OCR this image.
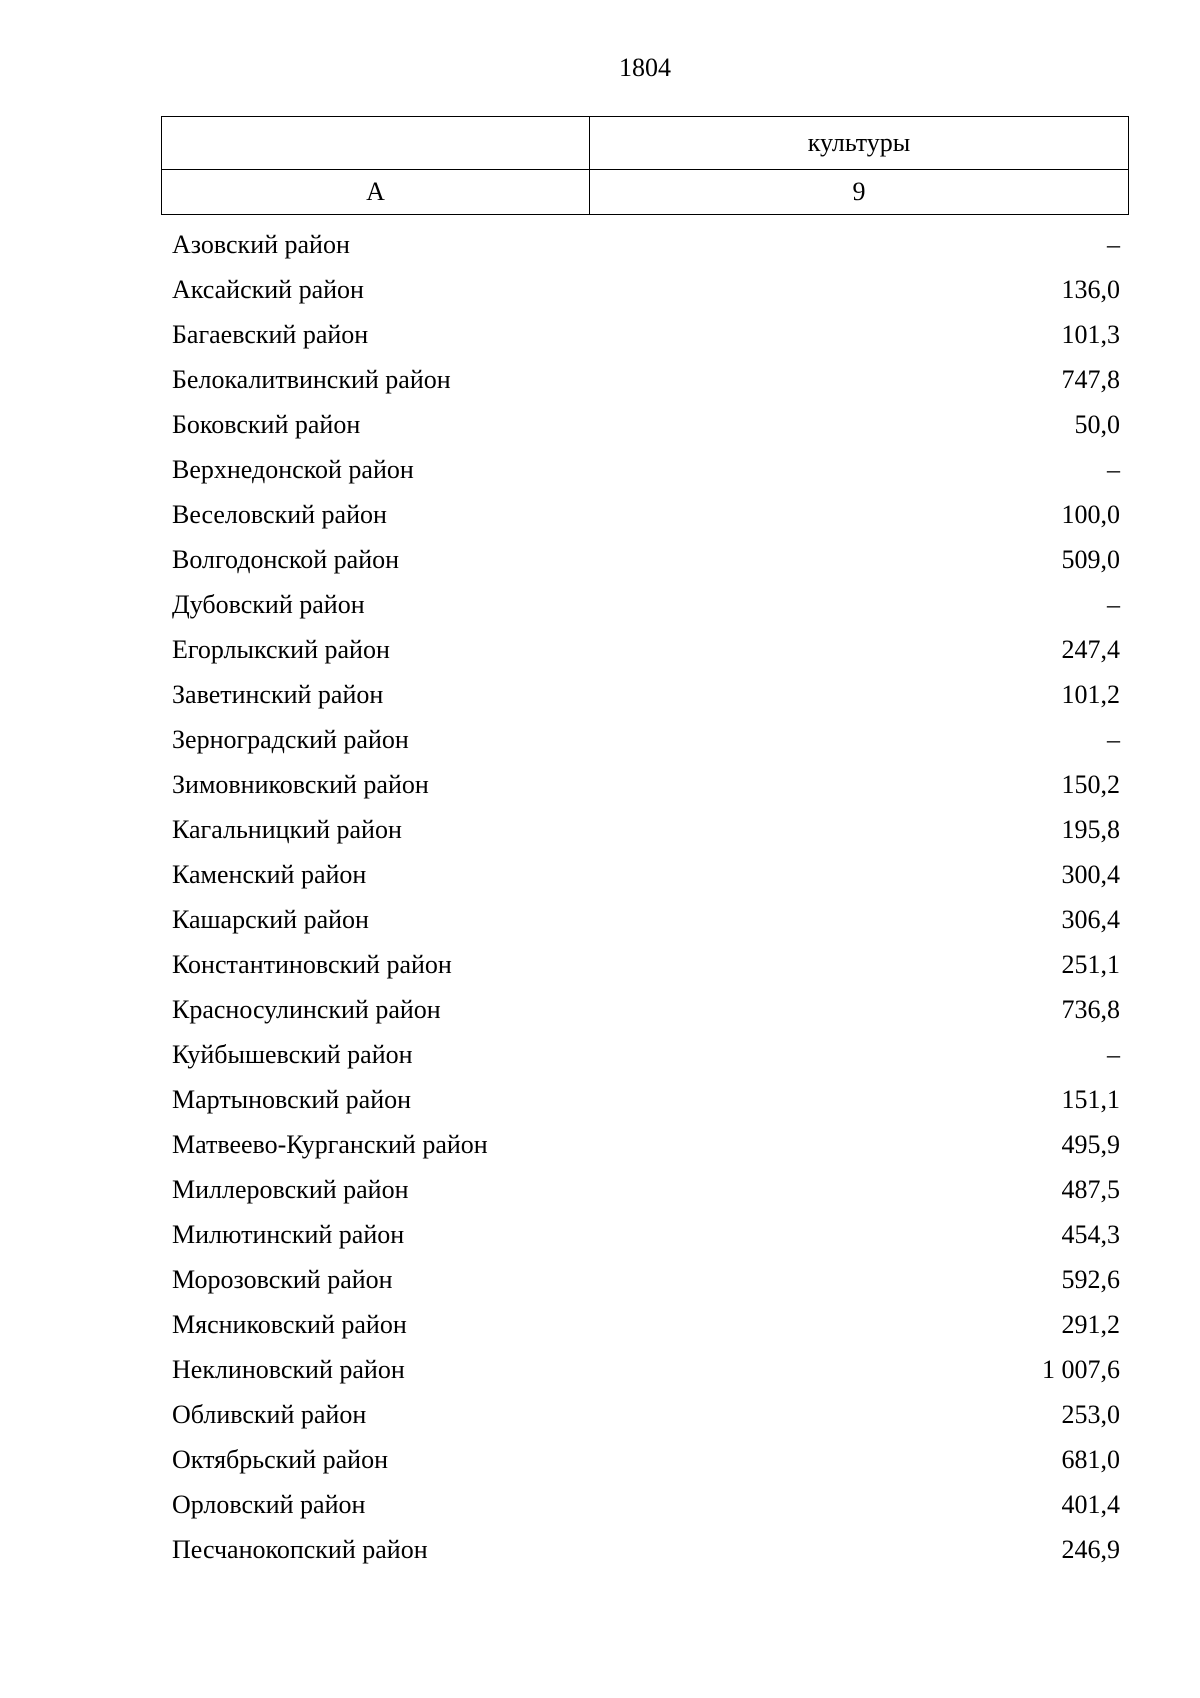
1804
	культуры
А	9
Азовский район	–
Аксайский район	136,0
Багаевский район	101,3
Белокалитвинский район	747,8
Боковский район	50,0
Верхнедонской район	–
Веселовский район	100,0
Волгодонской район	509,0
Дубовский район	–
Егорлыкский район	247,4
Заветинский район	101,2
Зерноградский район	–
Зимовниковский район	150,2
Кагальницкий район	195,8
Каменский район	300,4
Кашарский район	306,4
Константиновский район	251,1
Красносулинский район	736,8
Куйбышевский район	–
Мартыновский район	151,1
Матвеево-Курганский район	495,9
Миллеровский район	487,5
Милютинский район	454,3
Морозовский район	592,6
Мясниковский район	291,2
Неклиновский район	1 007,6
Обливский район	253,0
Октябрьский район	681,0
Орловский район	401,4
Песчанокопский район	246,9
